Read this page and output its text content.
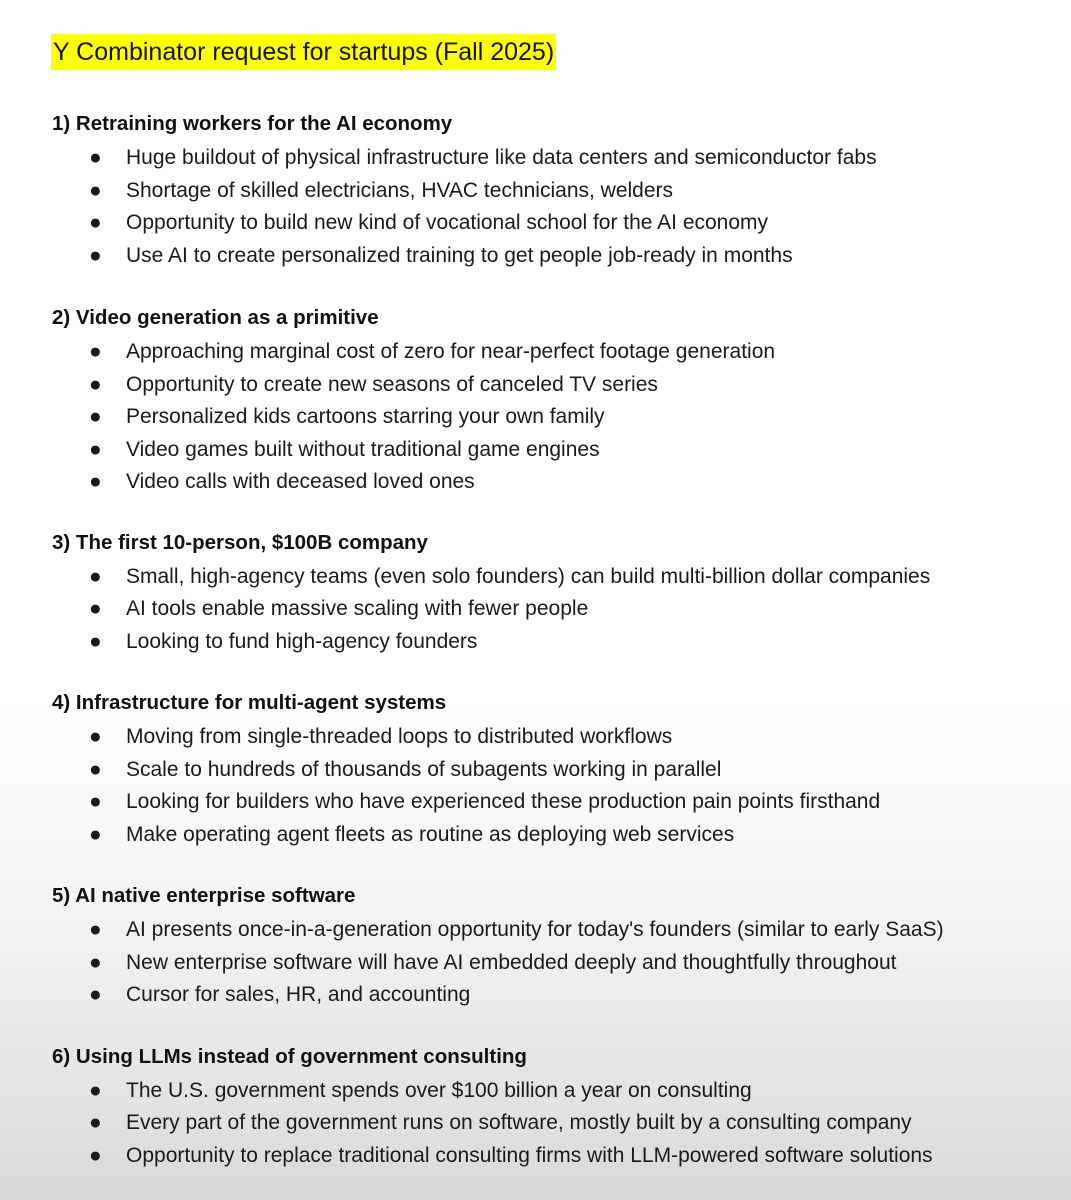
Y Combinator request for startups (Fall 2025)
1) Retraining workers for the AI economy
● Huge buildout of physical infrastructure like data centers and semiconductor fabs
● Shortage of skilled electricians, HVAC technicians, welders
● Opportunity to build new kind of vocational school for the AI economy
● Use AI to create personalized training to get people job-ready in months
2) Video generation as a primitive
● Approaching marginal cost of zero for near-perfect footage generation
● Opportunity to create new seasons of canceled TV series
● Personalized kids cartoons starring your own family
● Video games built without traditional game engines
● Video calls with deceased loved ones
3) The first 10-person, $100B company
● Small, high-agency teams (even solo founders) can build multi-billion dollar companies
● AI tools enable massive scaling with fewer people
● Looking to fund high-agency founders
4) Infrastructure for multi-agent systems
● Moving from single-threaded loops to distributed workflows
● Scale to hundreds of thousands of subagents working in parallel
● Looking for builders who have experienced these production pain points firsthand
● Make operating agent fleets as routine as deploying web services
5) AI native enterprise software
● AI presents once-in-a-generation opportunity for today's founders (similar to early SaaS)
● New enterprise software will have AI embedded deeply and thoughtfully throughout
● Cursor for sales, HR, and accounting
6) Using LLMs instead of government consulting
● The U.S. government spends over $100 billion a year on consulting
● Every part of the government runs on software, mostly built by a consulting company
● Opportunity to replace traditional consulting firms with LLM-powered software solutions
